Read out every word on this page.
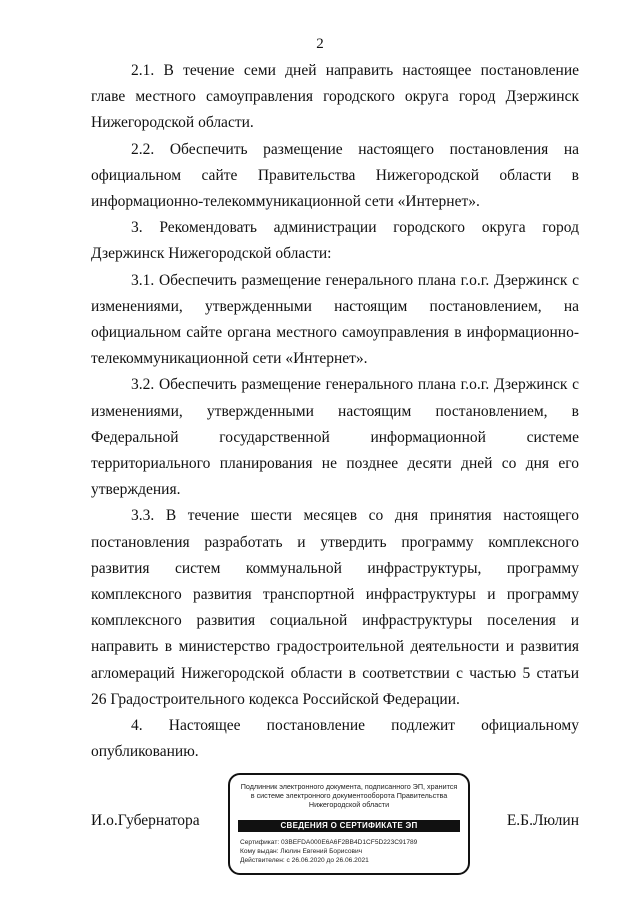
2

2.1. В течение семи дней направить настоящее постановление главе местного самоуправления городского округа город Дзержинск Нижегородской области.

2.2. Обеспечить размещение настоящего постановления на официальном сайте Правительства Нижегородской области в информационно-телекоммуникационной сети «Интернет».

3. Рекомендовать администрации городского округа город Дзержинск Нижегородской области:

3.1. Обеспечить размещение генерального плана г.о.г. Дзержинск с изменениями, утвержденными настоящим постановлением, на официальном сайте органа местного самоуправления в информационно-телекоммуникационной сети «Интернет».

3.2. Обеспечить размещение генерального плана г.о.г. Дзержинск с изменениями, утвержденными настоящим постановлением, в Федеральной государственной информационной системе территориального планирования не позднее десяти дней со дня его утверждения.

3.3. В течение шести месяцев со дня принятия настоящего постановления разработать и утвердить программу комплексного развития систем коммунальной инфраструктуры, программу комплексного развития транспортной инфраструктуры и программу комплексного развития социальной инфраструктуры поселения и направить в министерство градостроительной деятельности и развития агломераций Нижегородской области в соответствии с частью 5 статьи 26 Градостроительного кодекса Российской Федерации.

4. Настоящее постановление подлежит официальному опубликованию.

И.о.Губернатора	Е.Б.Люлин
Подлинник электронного документа, подписанного ЭП, хранится в системе электронного документооборота Правительства Нижегородской области
СВЕДЕНИЯ О СЕРТИФИКАТЕ ЭП
Сертификат: 03BEFDA000E6A6F2BB4D1CF5D223C91789
Кому выдан: Люлин Евгений Борисович
Действителен: с 26.06.2020 до 26.06.2021
